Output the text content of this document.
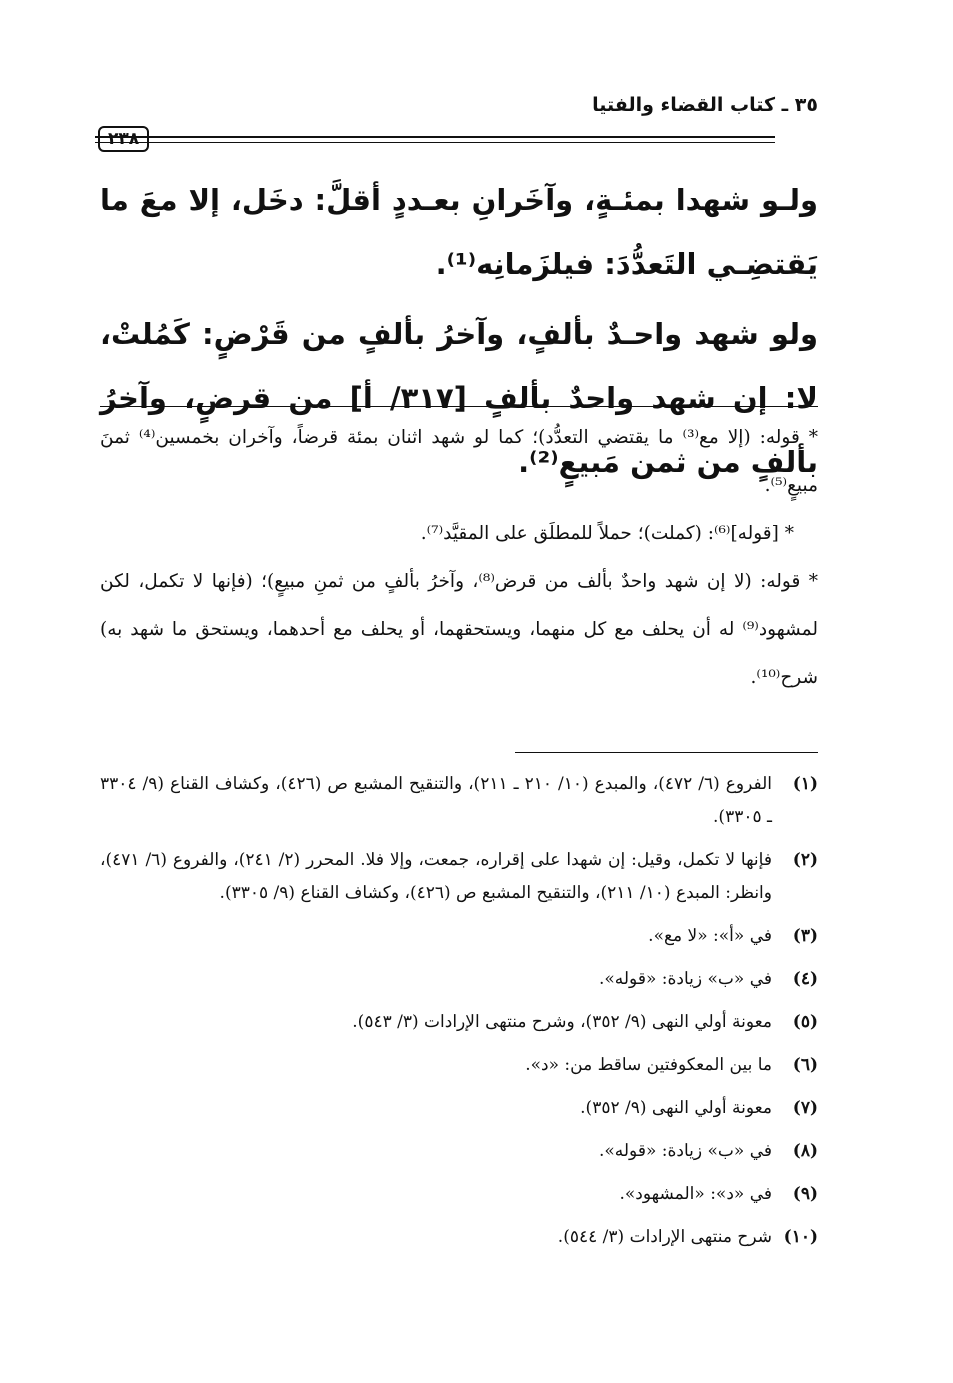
٣٥ ـ كتاب القضاء والفتيا
٢٣٨

ولـو شهدا بمئـةٍ، وآخَرانِ بعـددٍ أقلَّ: دخَل، إلا معَ ما يَقتضِـي التَعدُّدَ: فيلزَمانِه⁽¹⁾.

ولو شهد واحـدٌ بألفٍ، وآخرُ بألفٍ من قَرْضٍ: كَمُلتْ، لا: إن شهد واحدٌ بألفٍ [٣١٧/ أ] من قرضٍ، وآخرُ بألفٍ من ثمن مَبيعٍ⁽²⁾.

* قوله: (إلا مع⁽³⁾ ما يقتضي التعدُّد)؛ كما لو شهد اثنان بمئة قرضاً، وآخران بخمسين⁽⁴⁾ ثمنَ مبيعٍ⁽⁵⁾.

* [قوله]⁽⁶⁾: (كملت)؛ حملاً للمطلَق على المقيَّد⁽⁷⁾.

* قوله: (لا إن شهد واحدٌ بألف من قرض⁽⁸⁾، وآخرُ بألفٍ من ثمنِ مبيعٍ)؛ (فإنها لا تكمل، لكن لمشهود⁽⁹⁾ له أن يحلف مع كل منهما، ويستحقهما، أو يحلف مع أحدهما، ويستحق ما شهد به) شرح⁽¹⁰⁾.

(١)
الفروع (٦/ ٤٧٢)، والمبدع (١٠/ ٢١٠ ـ ٢١١)، والتنقيح المشبع ص (٤٢٦)، وكشاف القناع (٩/ ٣٣٠٤ ـ ٣٣٠٥).
(٢)
فإنها لا تكمل، وقيل: إن شهدا على إقراره، جمعت، وإلا فلا. المحرر (٢/ ٢٤١)، والفروع (٦/ ٤٧١)، وانظر: المبدع (١٠/ ٢١١)، والتنقيح المشبع ص (٤٢٦)، وكشاف القناع (٩/ ٣٣٠٥).
(٣)
في «أ»: «لا مع».
(٤)
في «ب» زيادة: «قوله».
(٥)
معونة أولي النهى (٩/ ٣٥٢)، وشرح منتهى الإرادات (٣/ ٥٤٣).
(٦)
ما بين المعكوفتين ساقط من: «د».
(٧)
معونة أولي النهى (٩/ ٣٥٢).
(٨)
في «ب» زيادة: «قوله».
(٩)
في «د»: «المشهود».
(١٠)
شرح منتهى الإرادات (٣/ ٥٤٤).
